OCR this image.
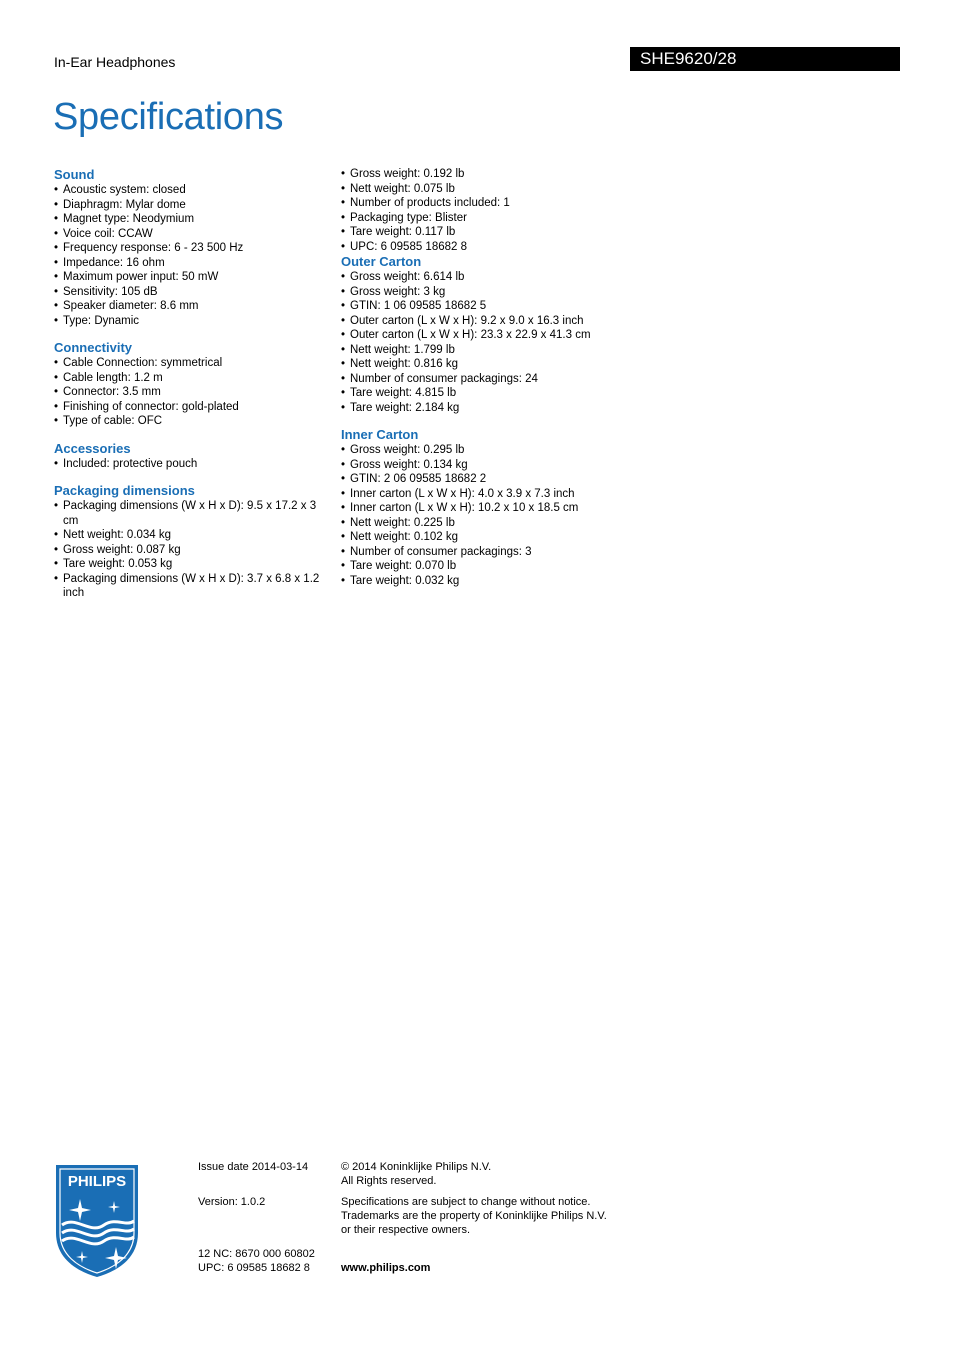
In-Ear Headphones	SHE9620/28
Specifications
Sound
• Acoustic system: closed
• Diaphragm: Mylar dome
• Magnet type: Neodymium
• Voice coil: CCAW
• Frequency response: 6 - 23 500 Hz
• Impedance: 16 ohm
• Maximum power input: 50 mW
• Sensitivity: 105 dB
• Speaker diameter: 8.6 mm
• Type: Dynamic
Connectivity
• Cable Connection: symmetrical
• Cable length: 1.2 m
• Connector: 3.5 mm
• Finishing of connector: gold-plated
• Type of cable: OFC
Accessories
• Included: protective pouch
Packaging dimensions
• Packaging dimensions (W x H x D): 9.5 x 17.2 x 3 cm
• Nett weight: 0.034 kg
• Gross weight: 0.087 kg
• Tare weight: 0.053 kg
• Packaging dimensions (W x H x D): 3.7 x 6.8 x 1.2 inch
• Gross weight: 0.192 lb
• Nett weight: 0.075 lb
• Number of products included: 1
• Packaging type: Blister
• Tare weight: 0.117 lb
• UPC: 6 09585 18682 8
Outer Carton
• Gross weight: 6.614 lb
• Gross weight: 3 kg
• GTIN: 1 06 09585 18682 5
• Outer carton (L x W x H): 9.2 x 9.0 x 16.3 inch
• Outer carton (L x W x H): 23.3 x 22.9 x 41.3 cm
• Nett weight: 1.799 lb
• Nett weight: 0.816 kg
• Number of consumer packagings: 24
• Tare weight: 4.815 lb
• Tare weight: 2.184 kg
Inner Carton
• Gross weight: 0.295 lb
• Gross weight: 0.134 kg
• GTIN: 2 06 09585 18682 2
• Inner carton (L x W x H): 4.0 x 3.9 x 7.3 inch
• Inner carton (L x W x H): 10.2 x 10 x 18.5 cm
• Nett weight: 0.225 lb
• Nett weight: 0.102 kg
• Number of consumer packagings: 3
• Tare weight: 0.070 lb
• Tare weight: 0.032 kg
PHILIPS
Issue date 2014-03-14
Version: 1.0.2
12 NC: 8670 000 60802
UPC: 6 09585 18682 8
© 2014 Koninklijke Philips N.V.
All Rights reserved.
Specifications are subject to change without notice.
Trademarks are the property of Koninklijke Philips N.V.
or their respective owners.
www.philips.com
